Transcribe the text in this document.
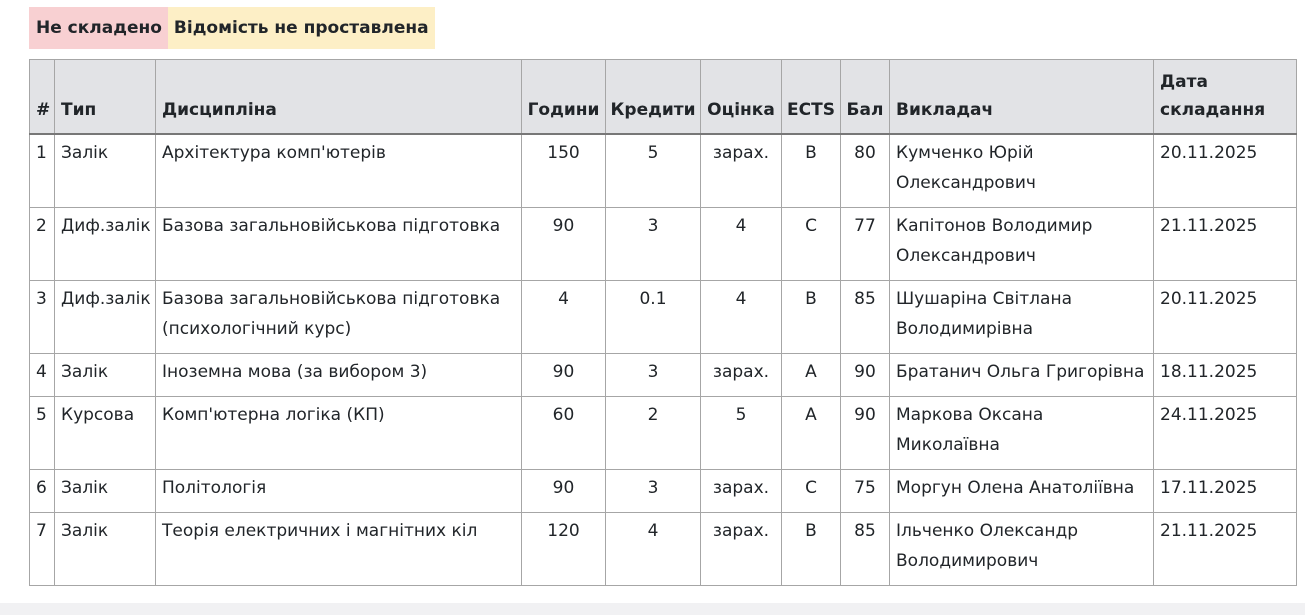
Не складено Відомість не проставлена
#	Тип	Дисципліна	Години	Кредити	Оцінка	ECTS	Бал	Викладач	Дата складання

1	Залік	Архітектура комп'ютерів	150	5	зарах.	B	80	Кумченко Юрій Олександрович	20.11.2025

2	Диф.залік	Базова загальновійськова підготовка	90	3	4	C	77	Капітонов Володимир Олександрович	21.11.2025

3	Диф.залік	Базова загальновійськова підготовка (психологічний курс)	4	0.1	4	B	85	Шушаріна Світлана Володимирівна	20.11.2025

4	Залік	Іноземна мова (за вибором 3)	90	3	зарах.	A	90	Братанич Ольга Григорівна	18.11.2025

5	Курсова	Комп'ютерна логіка (КП)	60	2	5	A	90	Маркова Оксана Миколаївна	24.11.2025

6	Залік	Політологія	90	3	зарах.	C	75	Моргун Олена Анатоліївна	17.11.2025

7	Залік	Теорія електричних і магнітних кіл	120	4	зарах.	B	85	Ільченко Олександр Володимирович	21.11.2025
